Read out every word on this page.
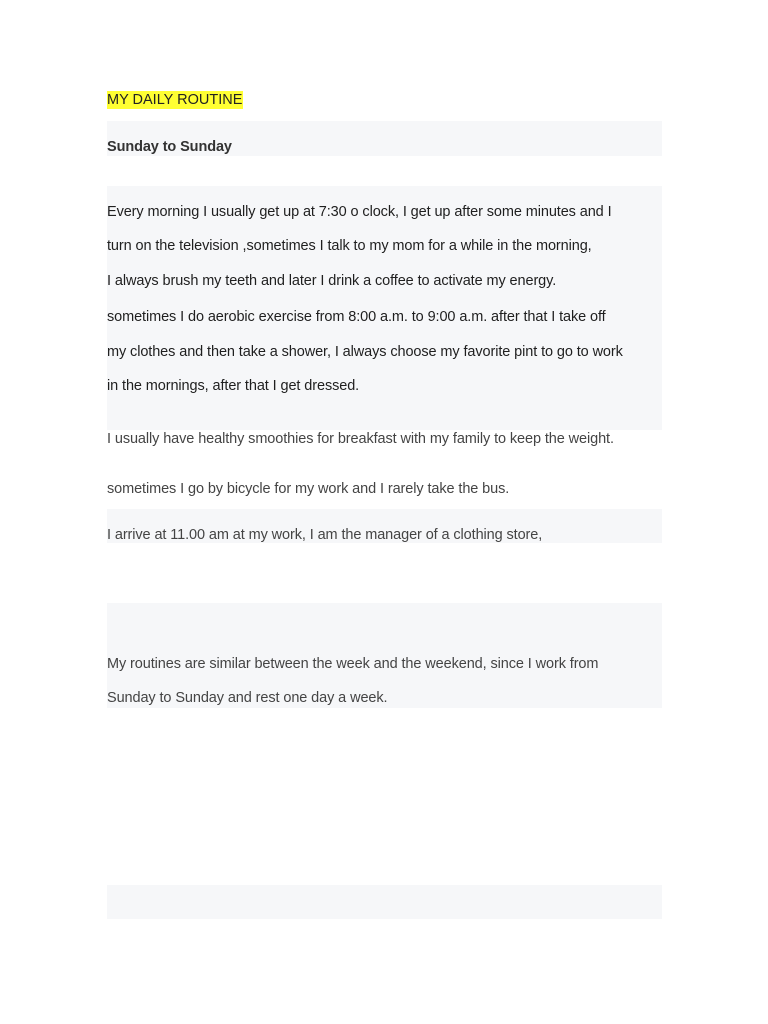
MY DAILY ROUTINE
Sunday to Sunday
Every morning I usually get up at 7:30 o clock, I get up after some minutes and I
turn on the television ,sometimes I talk to my mom for a while in the morning,
I always brush my teeth and later I drink a coffee to activate my energy.
sometimes I do aerobic exercise from 8:00 a.m. to 9:00 a.m. after that I take off
my clothes and then take a shower, I always choose my favorite pint to go to work
in the mornings, after that I get dressed.
I usually have healthy smoothies for breakfast with my family to keep the weight.
sometimes I go by bicycle for my work and I rarely take the bus.
I arrive at 11.00 am at my work, I am the manager of a clothing store,
My routines are similar between the week and the weekend, since I work from
Sunday to Sunday and rest one day a week.
